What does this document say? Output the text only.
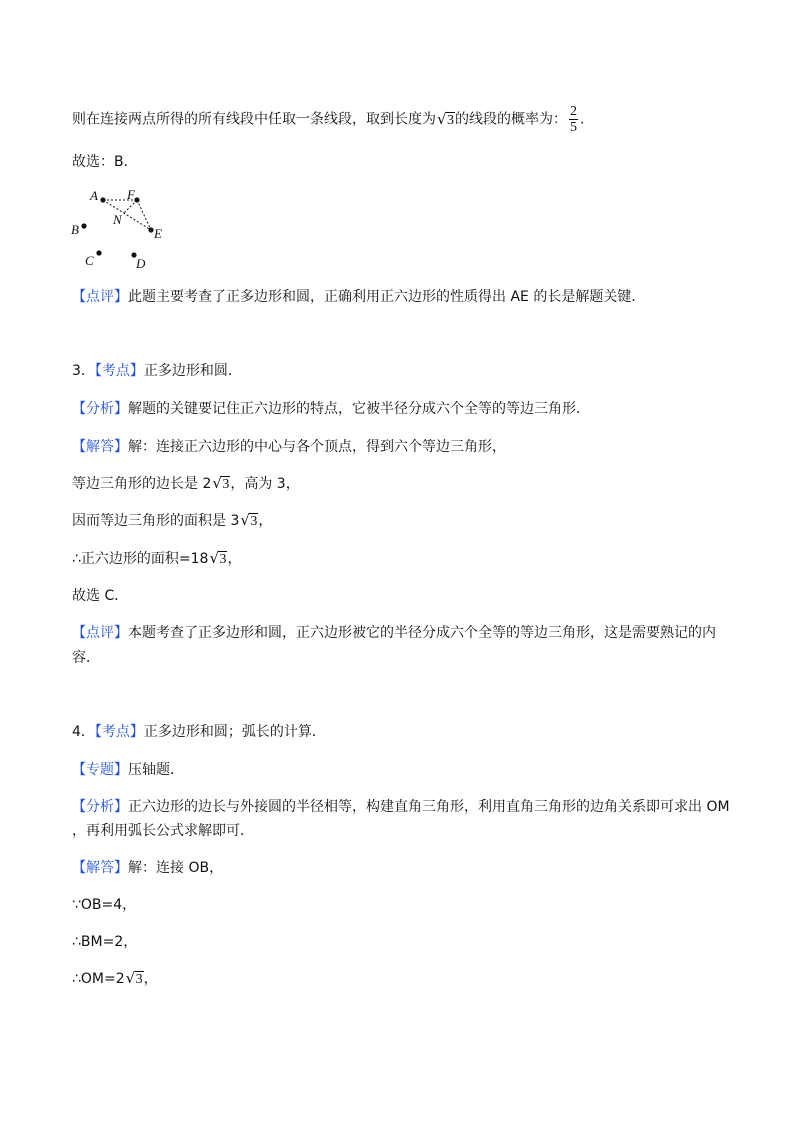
则在连接两点所得的所有线段中任取一条线段，取到长度为 √ 3的线段的概率为： $\frac{2}{5}$ .
故选：B．
A F
N
B	E
C	D
【点评】此题主要考查了正多边形和圆，正确利用正六边形的性质得出 AE 的长是解题关键．
3．【考点】正多边形和圆．
【分析】解题的关键要记住正六边形的特点，它被半径分成六个全等的等边三角形．
【解答】解：连接正六边形的中心与各个顶点，得到六个等边三角形，
等边三角形的边长是 2 √ 3，高为 3，
因而等边三角形的面积是 3 √ 3，
∴正六边形的面积=18 √ 3，
故选 C．
【点评】本题考查了正多边形和圆，正六边形被它的半径分成六个全等的等边三角形，这是需要熟记的内
容．
4．【考点】正多边形和圆；弧长的计算．
【专题】压轴题．
【分析】正六边形的边长与外接圆的半径相等，构建直角三角形，利用直角三角形的边角关系即可求出 OM
，再利用弧长公式求解即可．
【解答】解：连接 OB，
∵OB=4，
∴BM=2，
∴OM=2 √ 3，
